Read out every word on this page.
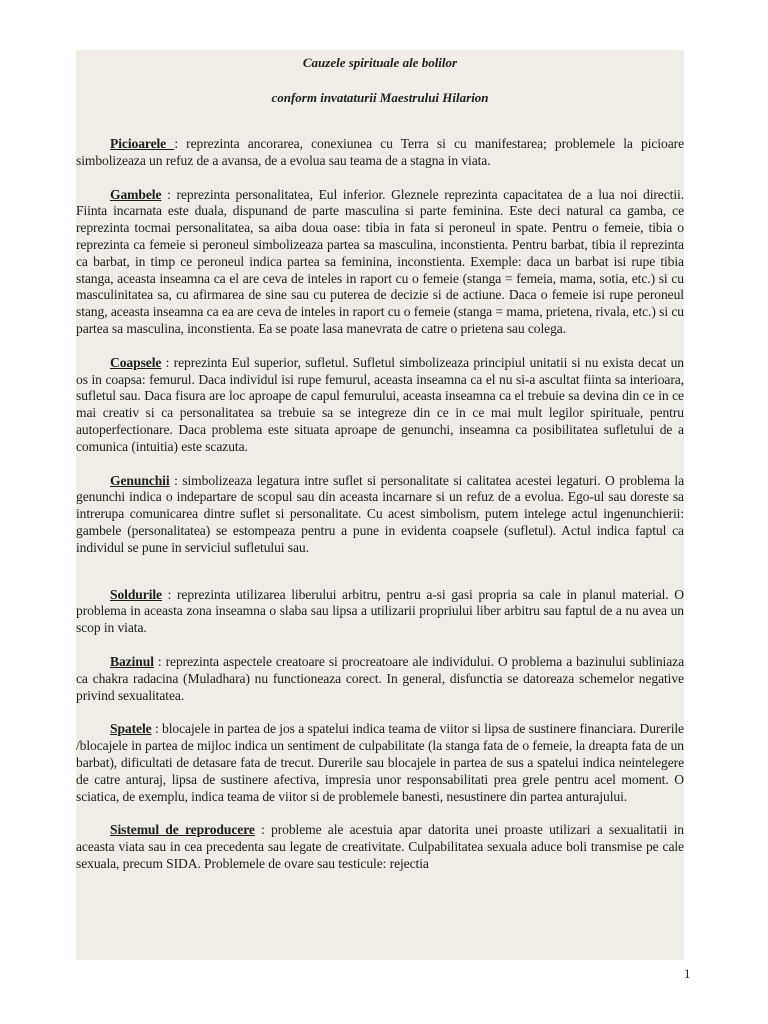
Cauzele spirituale ale bolilor

conform invataturii Maestrului Hilarion

Picioarele : reprezinta ancorarea, conexiunea cu Terra si cu manifestarea; problemele la picioare simbolizeaza un refuz de a avansa, de a evolua sau teama de a stagna in viata.

Gambele : reprezinta personalitatea, Eul inferior. Gleznele reprezinta capacitatea de a lua noi directii. Fiinta incarnata este duala, dispunand de parte masculina si parte feminina. Este deci natural ca gamba, ce reprezinta tocmai personalitatea, sa aiba doua oase: tibia in fata si peroneul in spate. Pentru o femeie, tibia o reprezinta ca femeie si peroneul simbolizeaza partea sa masculina, inconstienta. Pentru barbat, tibia il reprezinta ca barbat, in timp ce peroneul indica partea sa feminina, inconstienta. Exemple: daca un barbat isi rupe tibia stanga, aceasta inseamna ca el are ceva de inteles in raport cu o femeie (stanga = femeia, mama, sotia, etc.) si cu masculinitatea sa, cu afirmarea de sine sau cu puterea de decizie si de actiune. Daca o femeie isi rupe peroneul stang, aceasta inseamna ca ea are ceva de inteles in raport cu o femeie (stanga = mama, prietena, rivala, etc.) si cu partea sa masculina, inconstienta. Ea se poate lasa manevrata de catre o prietena sau colega.

Coapsele : reprezinta Eul superior, sufletul. Sufletul simbolizeaza principiul unitatii si nu exista decat un os in coapsa: femurul. Daca individul isi rupe femurul, aceasta inseamna ca el nu si-a ascultat fiinta sa interioara, sufletul sau. Daca fisura are loc aproape de capul femurului, aceasta inseamna ca el trebuie sa devina din ce in ce mai creativ si ca personalitatea sa trebuie sa se integreze din ce in ce mai mult legilor spirituale, pentru autoperfectionare. Daca problema este situata aproape de genunchi, inseamna ca posibilitatea sufletului de a comunica (intuitia) este scazuta.

Genunchii : simbolizeaza legatura intre suflet si personalitate si calitatea acestei legaturi. O problema la genunchi indica o indepartare de scopul sau din aceasta incarnare si un refuz de a evolua. Ego-ul sau doreste sa intrerupa comunicarea dintre suflet si personalitate. Cu acest simbolism, putem intelege actul ingenunchierii: gambele (personalitatea) se estompeaza pentru a pune in evidenta coapsele (sufletul). Actul indica faptul ca individul se pune in serviciul sufletului sau.

Soldurile : reprezinta utilizarea liberului arbitru, pentru a-si gasi propria sa cale in planul material. O problema in aceasta zona inseamna o slaba sau lipsa a utilizarii propriului liber arbitru sau faptul de a nu avea un scop in viata.

Bazinul : reprezinta aspectele creatoare si procreatoare ale individului. O problema a bazinului subliniaza ca chakra radacina (Muladhara) nu functioneaza corect. In general, disfunctia se datoreaza schemelor negative privind sexualitatea.

Spatele : blocajele in partea de jos a spatelui indica teama de viitor si lipsa de sustinere financiara. Durerile /blocajele in partea de mijloc indica un sentiment de culpabilitate (la stanga fata de o femeie, la dreapta fata de un barbat), dificultati de detasare fata de trecut. Durerile sau blocajele in partea de sus a spatelui indica neintelegere de catre anturaj, lipsa de sustinere afectiva, impresia unor responsabilitati prea grele pentru acel moment. O sciatica, de exemplu, indica teama de viitor si de problemele banesti, nesustinere din partea anturajului.

Sistemul de reproducere : probleme ale acestuia apar datorita unei proaste utilizari a sexualitatii in aceasta viata sau in cea precedenta sau legate de creativitate. Culpabilitatea sexuala aduce boli transmise pe cale sexuala, precum SIDA. Problemele de ovare sau testicule: rejectia

1
